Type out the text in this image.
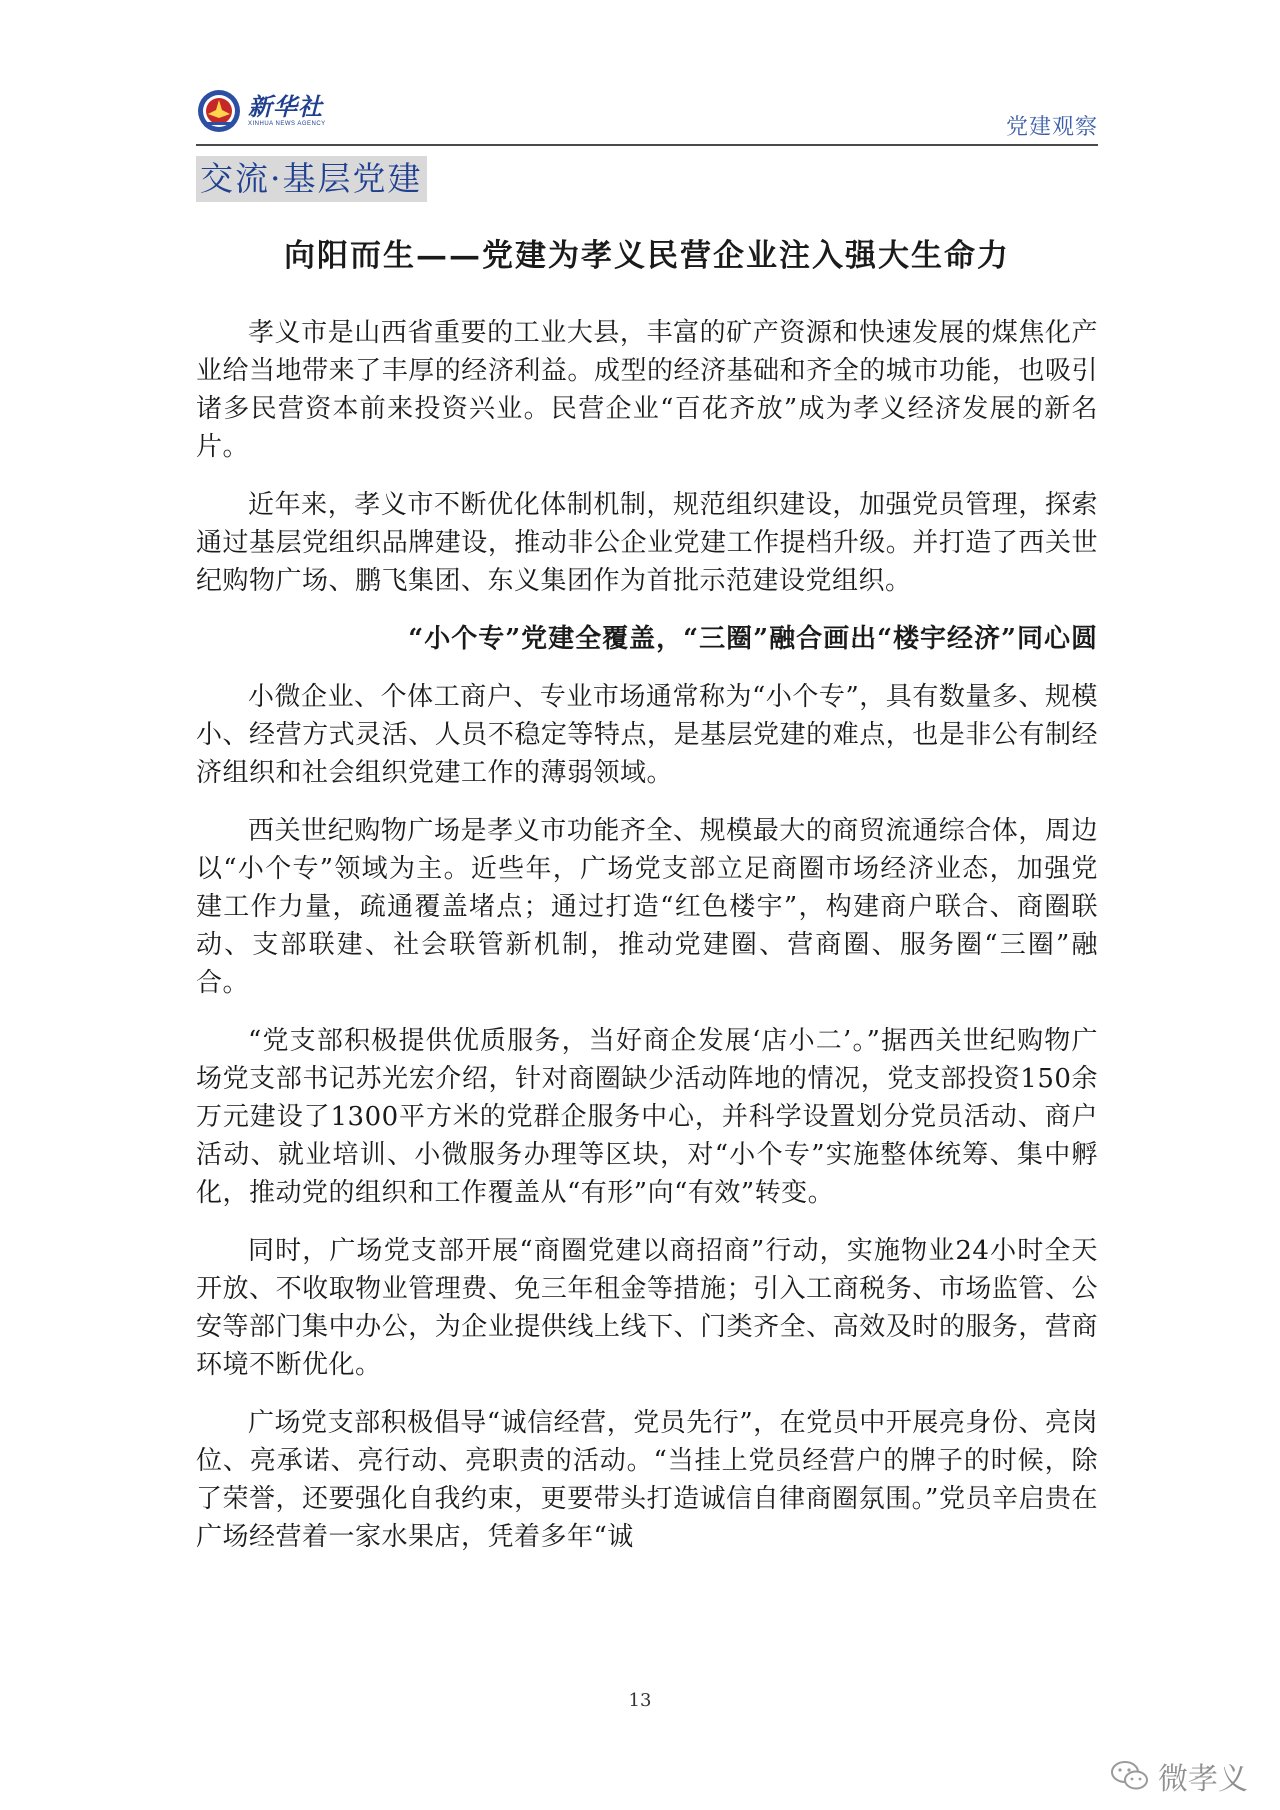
新华社
XINHUA NEWS AGENCY	党建观察
交流·基层党建
向阳而生——党建为孝义民营企业注入强大生命力

孝义市是山西省重要的工业大县，丰富的矿产资源和快速发展的煤焦化产业给当地带来了丰厚的经济利益。成型的经济基础和齐全的城市功能，也吸引诸多民营资本前来投资兴业。民营企业“百花齐放”成为孝义经济发展的新名片。

近年来，孝义市不断优化体制机制，规范组织建设，加强党员管理，探索通过基层党组织品牌建设，推动非公企业党建工作提档升级。并打造了西关世纪购物广场、鹏飞集团、东义集团作为首批示范建设党组织。

“小个专”党建全覆盖，“三圈”融合画出“楼宇经济”同心圆

小微企业、个体工商户、专业市场通常称为“小个专”，具有数量多、规模小、经营方式灵活、人员不稳定等特点，是基层党建的难点，也是非公有制经济组织和社会组织党建工作的薄弱领域。

西关世纪购物广场是孝义市功能齐全、规模最大的商贸流通综合体，周边以“小个专”领域为主。近些年，广场党支部立足商圈市场经济业态，加强党建工作力量，疏通覆盖堵点；通过打造“红色楼宇”，构建商户联合、商圈联动、支部联建、社会联管新机制，推动党建圈、营商圈、服务圈“三圈”融合。

“党支部积极提供优质服务，当好商企发展‘店小二’。”据西关世纪购物广场党支部书记苏光宏介绍，针对商圈缺少活动阵地的情况，党支部投资150余万元建设了1300平方米的党群企服务中心，并科学设置划分党员活动、商户活动、就业培训、小微服务办理等区块，对“小个专”实施整体统筹、集中孵化，推动党的组织和工作覆盖从“有形”向“有效”转变。

同时，广场党支部开展“商圈党建以商招商”行动，实施物业24小时全天开放、不收取物业管理费、免三年租金等措施；引入工商税务、市场监管、公安等部门集中办公，为企业提供线上线下、门类齐全、高效及时的服务，营商环境不断优化。

广场党支部积极倡导“诚信经营，党员先行”，在党员中开展亮身份、亮岗位、亮承诺、亮行动、亮职责的活动。“当挂上党员经营户的牌子的时候，除了荣誉，还要强化自我约束，更要带头打造诚信自律商圈氛围。”党员辛启贵在广场经营着一家水果店，凭着多年“诚

13
微孝义
